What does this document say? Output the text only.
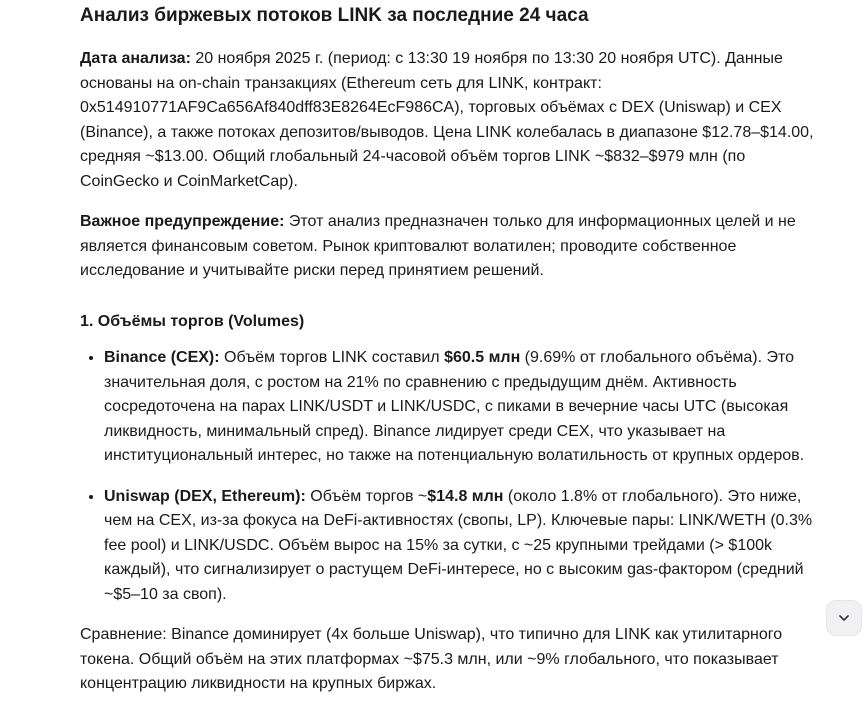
Анализ биржевых потоков LINK за последние 24 часа

Дата анализа: 20 ноября 2025 г. (период: с 13:30 19 ноября по 13:30 20 ноября UTC). Данные основаны на on-chain транзакциях (Ethereum сеть для LINK, контракт: 0x514910771AF9Ca656Af840dff83E8264EcF986CA), торговых объёмах с DEX (Uniswap) и CEX (Binance), а также потоках депозитов/выводов. Цена LINK колебалась в диапазоне $12.78–$14.00, средняя ~$13.00. Общий глобальный 24-часовой объём торгов LINK ~$832–$979 млн (по CoinGecko и CoinMarketCap).

Важное предупреждение: Этот анализ предназначен только для информационных целей и не является финансовым советом. Рынок криптовалют волатилен; проводите собственное исследование и учитывайте риски перед принятием решений.

1. Объёмы торгов (Volumes)
• Binance (CEX): Объём торгов LINK составил $60.5 млн (9.69% от глобального объёма). Это значительная доля, с ростом на 21% по сравнению с предыдущим днём. Активность сосредоточена на парах LINK/USDT и LINK/USDC, с пиками в вечерние часы UTC (высокая ликвидность, минимальный спред). Binance лидирует среди CEX, что указывает на институциональный интерес, но также на потенциальную волатильность от крупных ордеров.
• Uniswap (DEX, Ethereum): Объём торгов ~$14.8 млн (около 1.8% от глобального). Это ниже, чем на CEX, из-за фокуса на DeFi-активностях (свопы, LP). Ключевые пары: LINK/WETH (0.3% fee pool) и LINK/USDC. Объём вырос на 15% за сутки, с ~25 крупными трейдами (> $100k каждый), что сигнализирует о растущем DeFi-интересе, но с высоким gas-фактором (средний ~$5–10 за своп).

Сравнение: Binance доминирует (4x больше Uniswap), что типично для LINK как утилитарного токена. Общий объём на этих платформах ~$75.3 млн, или ~9% глобального, что показывает концентрацию ликвидности на крупных биржах.
